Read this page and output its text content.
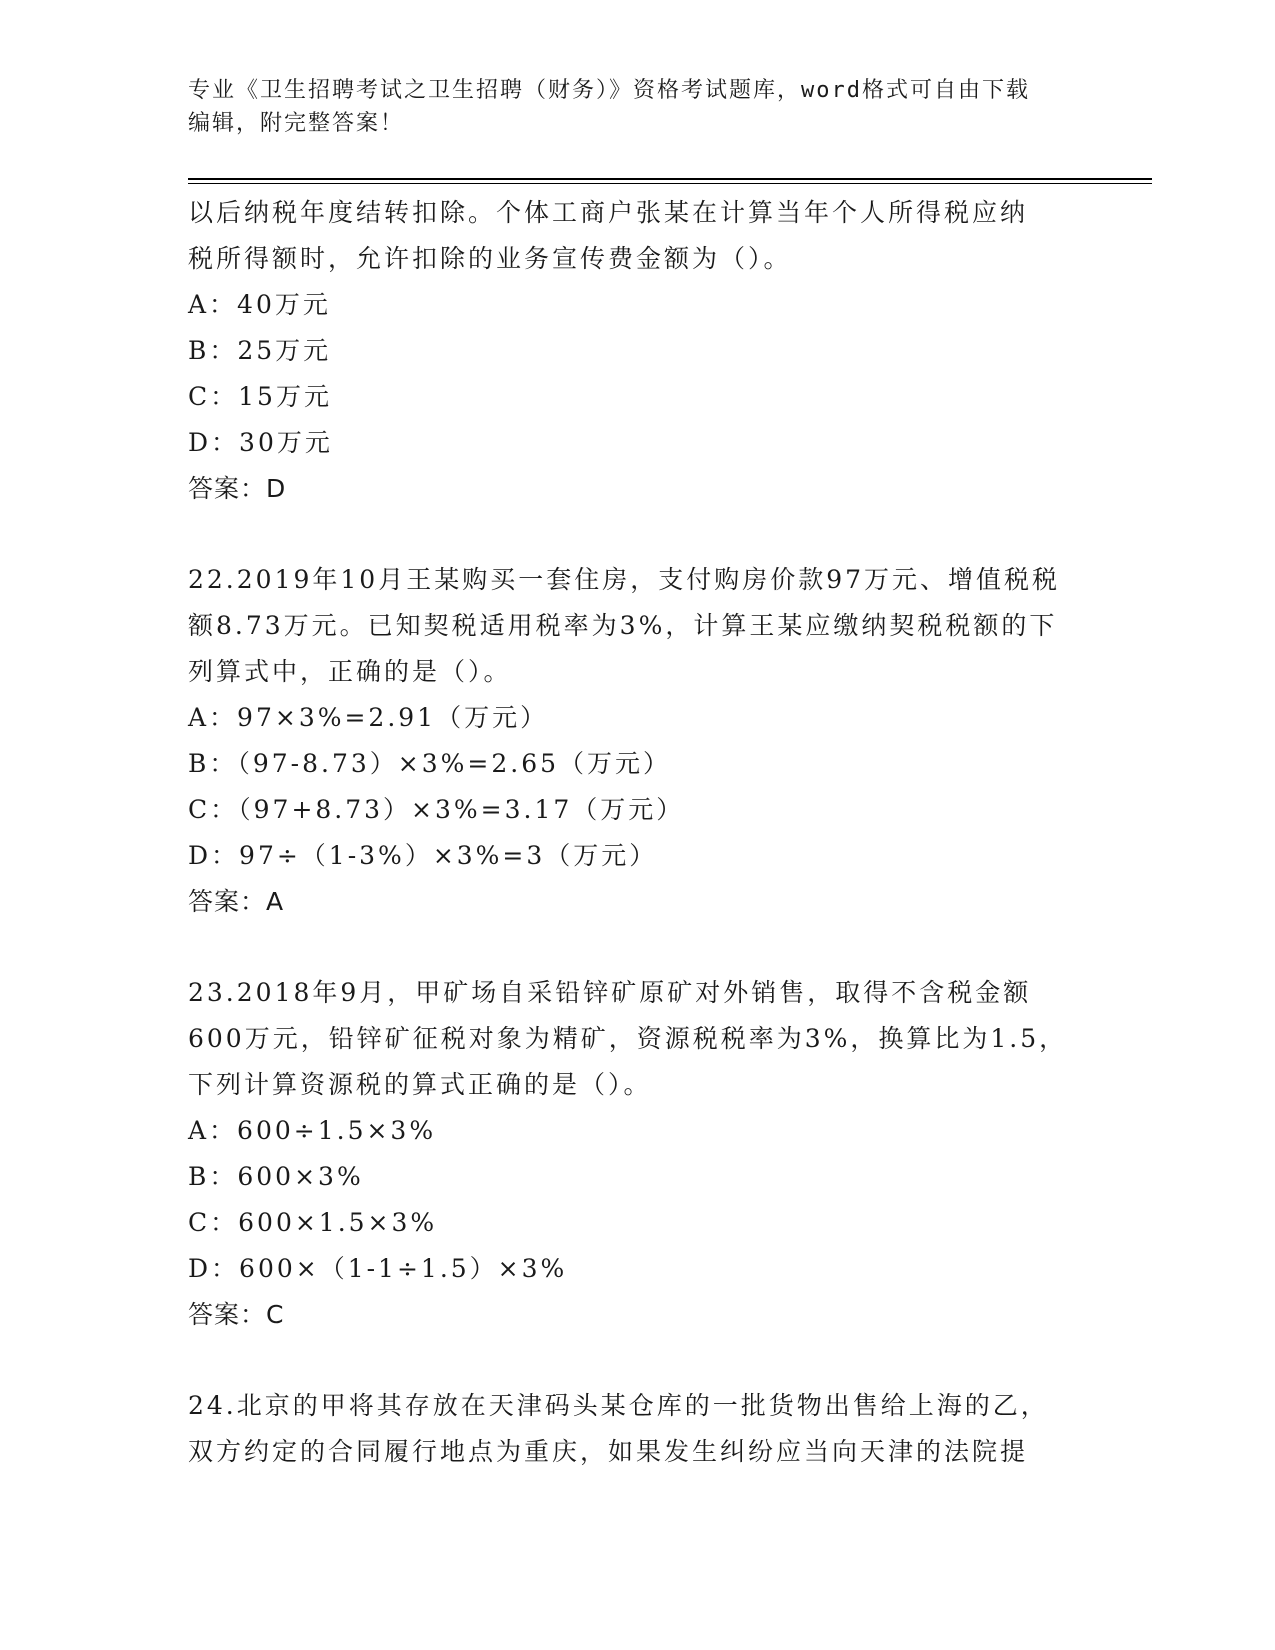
专业《卫生招聘考试之卫生招聘（财务）》资格考试题库，word格式可自由下载
编辑，附完整答案！
以后纳税年度结转扣除。个体工商户张某在计算当年个人所得税应纳
税所得额时，允许扣除的业务宣传费金额为（）。
A：40万元
B：25万元
C：15万元
D：30万元
答案：D
22.2019年10月王某购买一套住房，支付购房价款97万元、增值税税
额8.73万元。已知契税适用税率为3%，计算王某应缴纳契税税额的下
列算式中，正确的是（）。
A：97×3%=2.91（万元）
B：（97-8.73）×3%=2.65（万元）
C：（97+8.73）×3%=3.17（万元）
D：97÷（1-3%）×3%=3（万元）
答案：A
23.2018年9月，甲矿场自采铅锌矿原矿对外销售，取得不含税金额
600万元，铅锌矿征税对象为精矿，资源税税率为3%，换算比为1.5，
下列计算资源税的算式正确的是（）。
A：600÷1.5×3%
B：600×3%
C：600×1.5×3%
D：600×（1-1÷1.5）×3%
答案：C
24.北京的甲将其存放在天津码头某仓库的一批货物出售给上海的乙，
双方约定的合同履行地点为重庆，如果发生纠纷应当向天津的法院提
